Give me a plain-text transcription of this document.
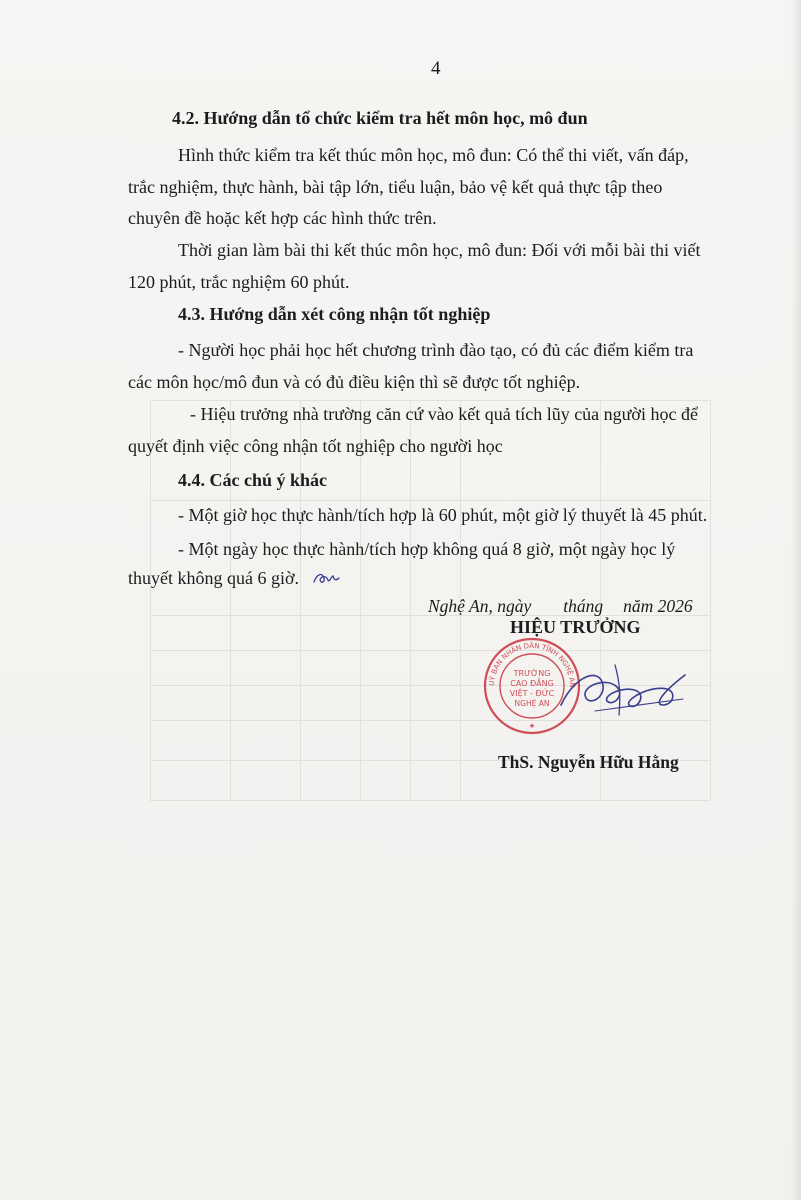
4
4.2. Hướng dẫn tổ chức kiểm tra hết môn học, mô đun
Hình thức kiểm tra kết thúc môn học, mô đun: Có thể thi viết, vấn đáp,
trắc nghiệm, thực hành, bài tập lớn, tiểu luận, bảo vệ kết quả thực tập theo
chuyên đề hoặc kết hợp các hình thức trên.
Thời gian làm bài thi kết thúc môn học, mô đun: Đối với mỗi bài thi viết
120 phút, trắc nghiệm 60 phút.
4.3. Hướng dẫn xét công nhận tốt nghiệp
- Người học phải học hết chương trình đào tạo, có đủ các điểm kiểm tra
các môn học/mô đun và có đủ điều kiện thì sẽ được tốt nghiệp.
- Hiệu trưởng nhà trường căn cứ vào kết quả tích lũy của người học để
quyết định việc công nhận tốt nghiệp cho người học
4.4. Các chú ý khác
- Một giờ học thực hành/tích hợp là 60 phút, một giờ lý thuyết là 45 phút.
- Một ngày học thực hành/tích hợp không quá 8 giờ, một ngày học lý
thuyết không quá 6 giờ.
Nghệ An, ngày tháng năm 2026
HIỆU TRƯỞNG
UỶ BAN NHÂN DÂN TỈNH NGHỆ AN
TRƯỜNG
CAO ĐẲNG
VIỆT - ĐỨC
NGHỆ AN
★
ThS. Nguyễn Hữu Hằng
